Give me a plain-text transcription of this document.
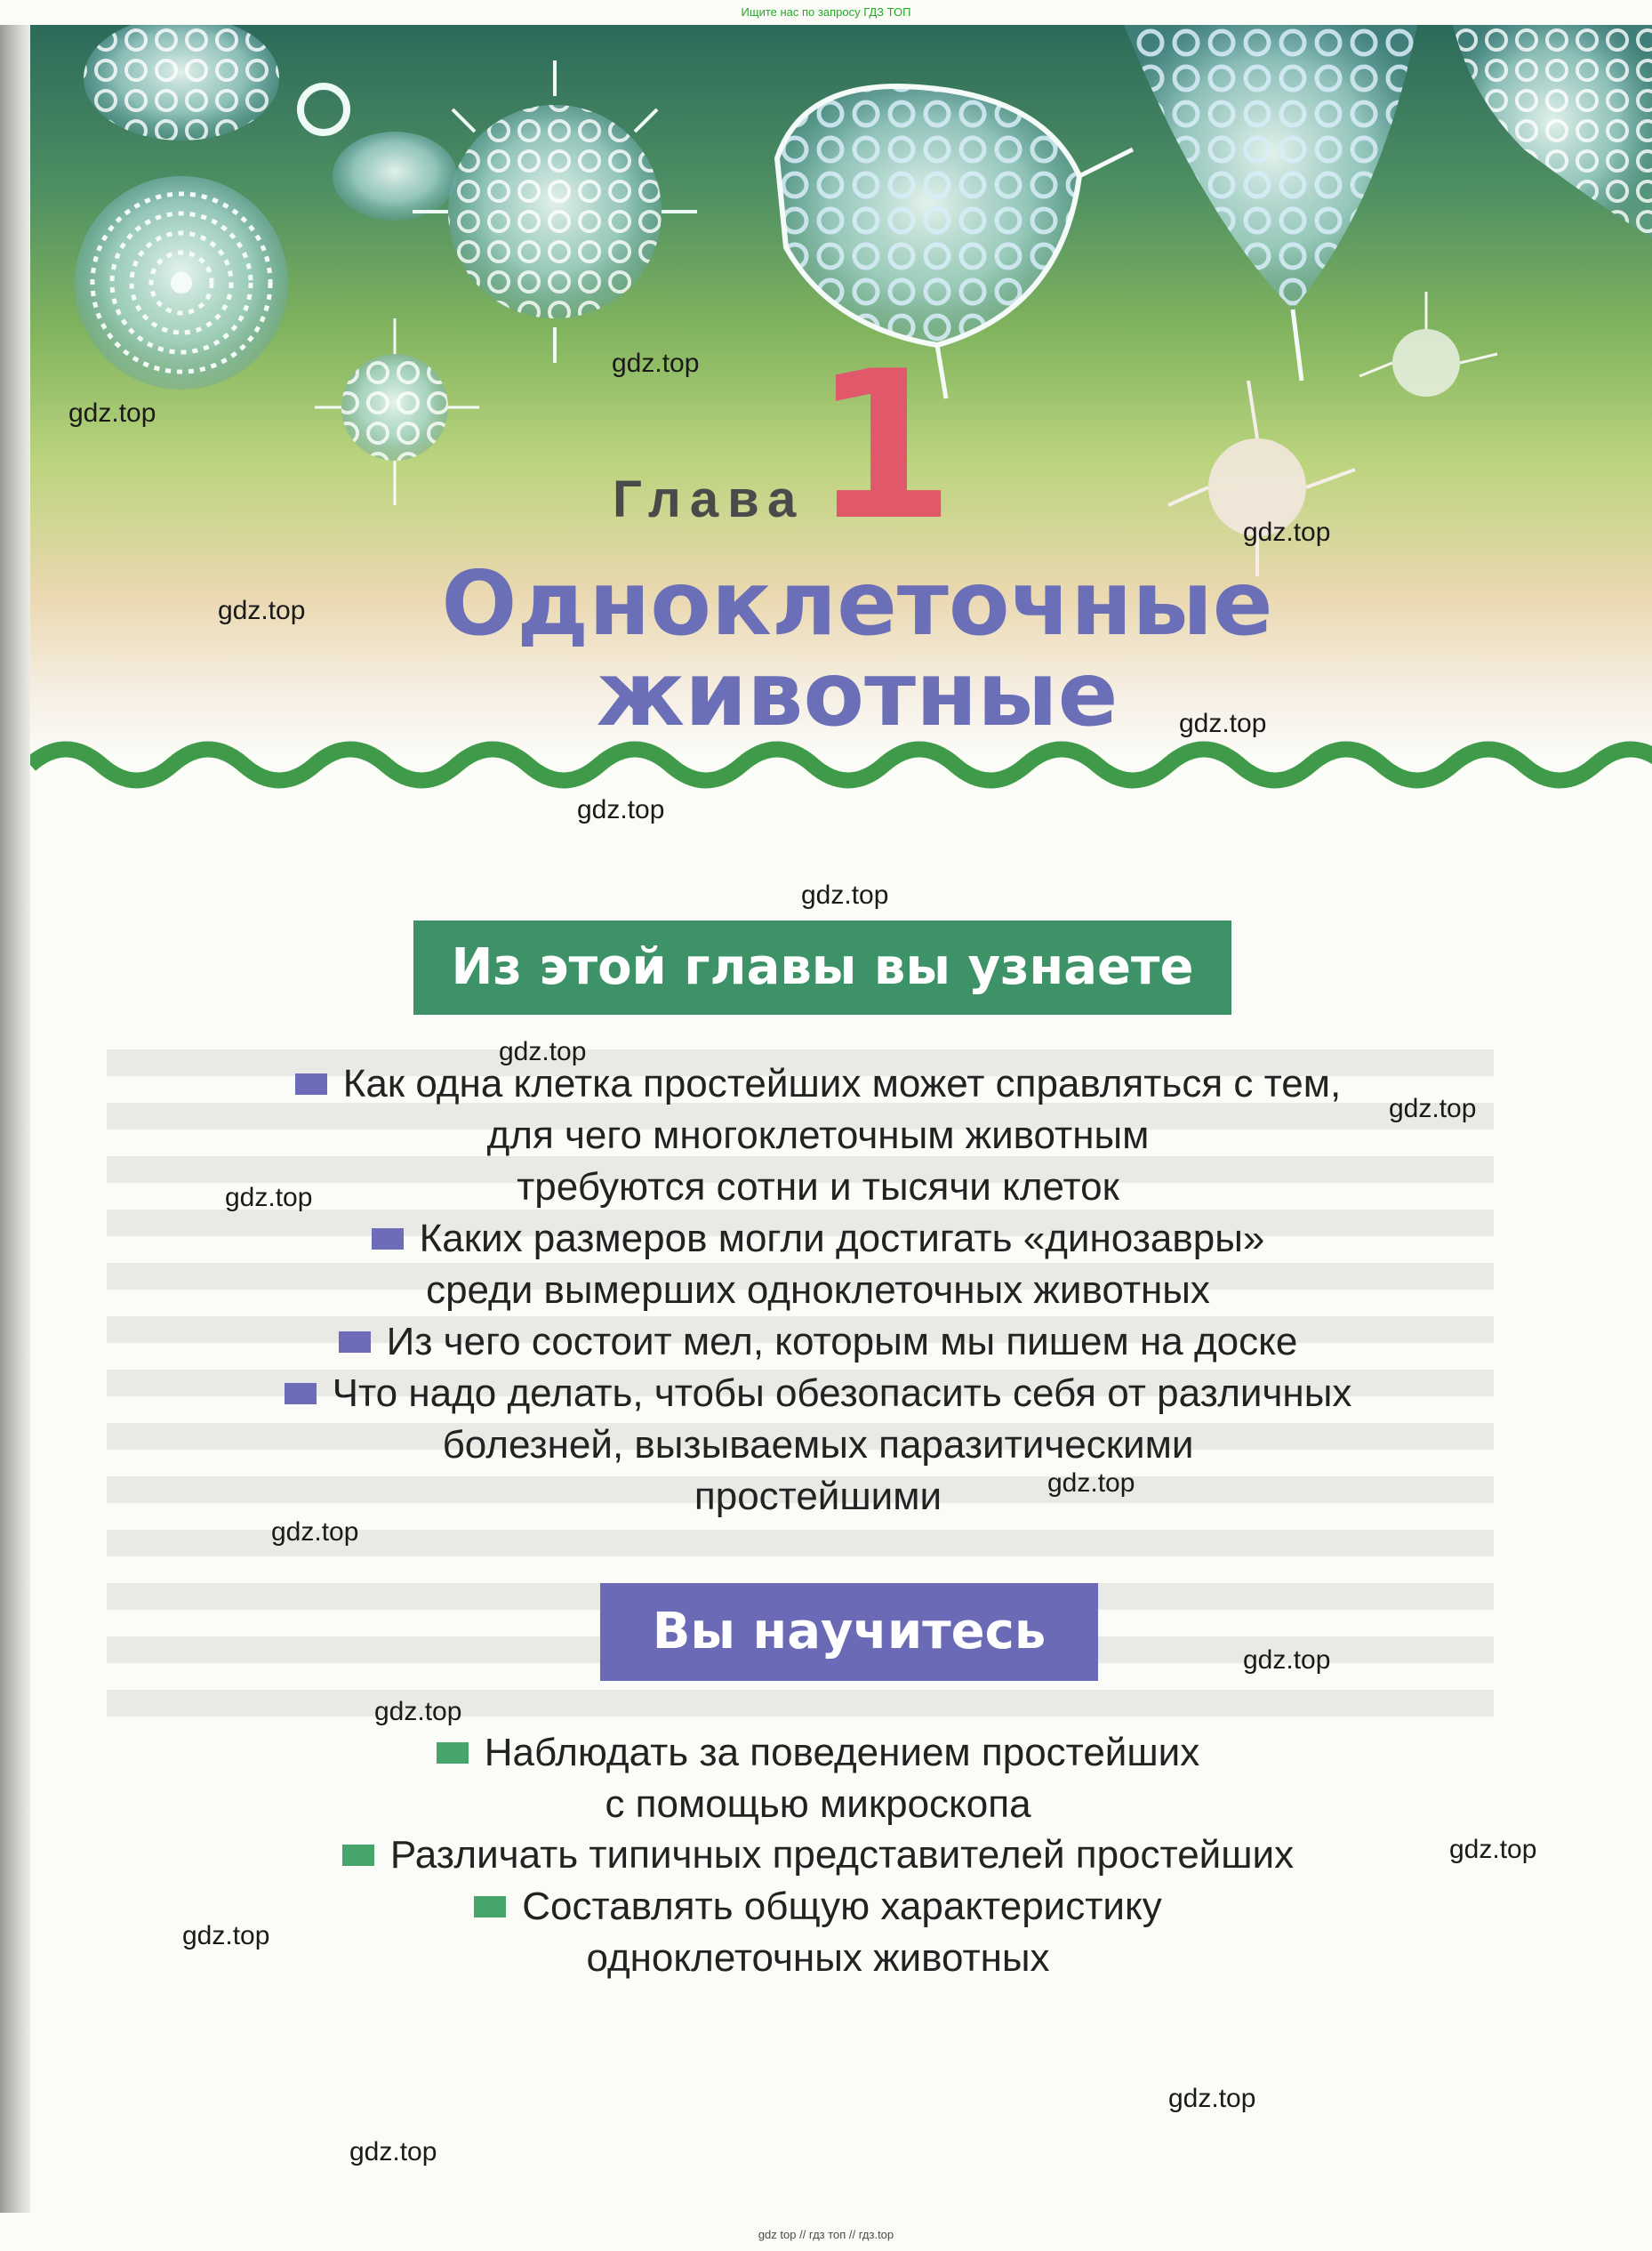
Ищите нас по запросу ГДЗ ТОП
Глава 1
Одноклеточные
животные
Из этой главы вы узнаете
Как одна клетка простейших может справляться с тем,
для чего многоклеточным животным
требуются сотни и тысячи клеток
Каких размеров могли достигать «динозавры»
среди вымерших одноклеточных животных
Из чего состоит мел, которым мы пишем на доске
Что надо делать, чтобы обезопасить себя от различных
болезней, вызываемых паразитическими
простейшими
Вы научитесь
Наблюдать за поведением простейших
с помощью микроскопа
Различать типичных представителей простейших
Составлять общую характеристику
одноклеточных животных
gdz.top
gdz.top
gdz.top
gdz.top
gdz.top
gdz.top
gdz.top
gdz.top
gdz.top
gdz.top
gdz.top
gdz.top
gdz.top
gdz.top
gdz.top
gdz.top
gdz.top
gdz.top
gdz top // гдз топ // гдз.top
